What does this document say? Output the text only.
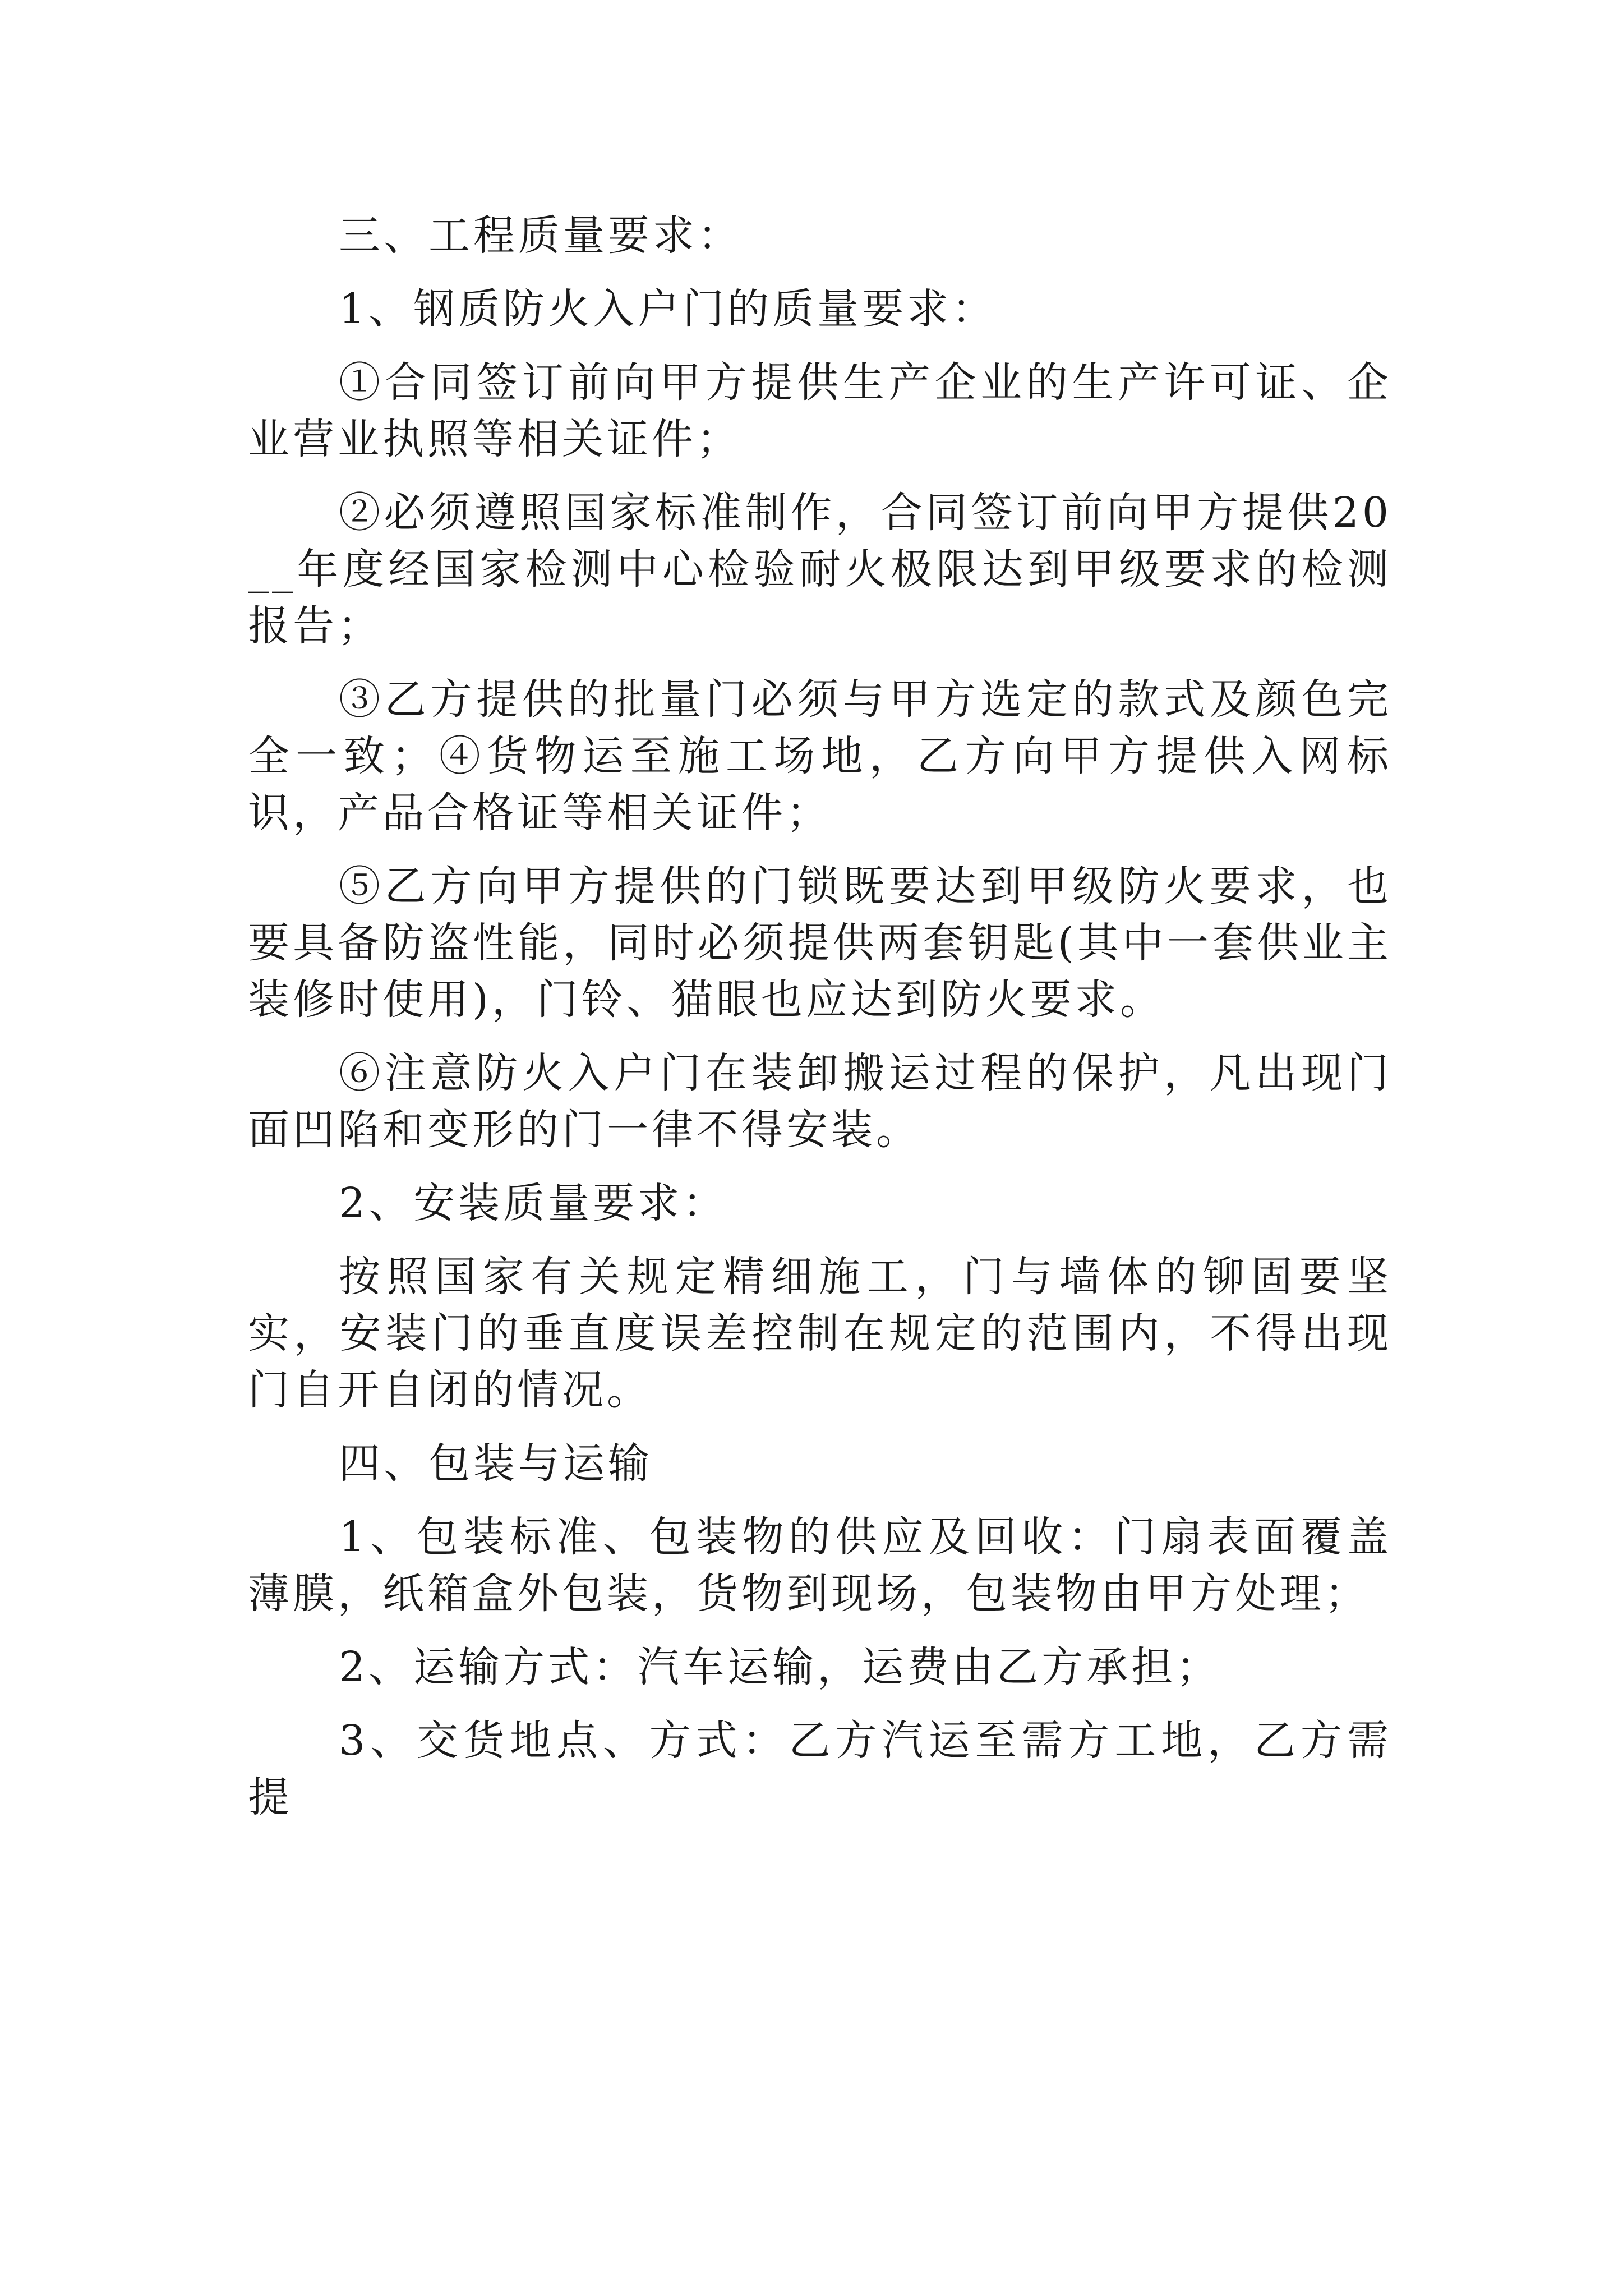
三、工程质量要求：

1、钢质防火入户门的质量要求：

①合同签订前向甲方提供生产企业的生产许可证、企业营业执照等相关证件；

②必须遵照国家标准制作，合同签订前向甲方提供20__年度经国家检测中心检验耐火极限达到甲级要求的检测报告；

③乙方提供的批量门必须与甲方选定的款式及颜色完全一致；④货物运至施工场地，乙方向甲方提供入网标识，产品合格证等相关证件；

⑤乙方向甲方提供的门锁既要达到甲级防火要求，也要具备防盗性能，同时必须提供两套钥匙(其中一套供业主装修时使用)，门铃、猫眼也应达到防火要求。

⑥注意防火入户门在装卸搬运过程的保护，凡出现门面凹陷和变形的门一律不得安装。

2、安装质量要求：

按照国家有关规定精细施工，门与墙体的铆固要坚实，安装门的垂直度误差控制在规定的范围内，不得出现门自开自闭的情况。

四、包装与运输

1、包装标准、包装物的供应及回收：门扇表面覆盖薄膜，纸箱盒外包装，货物到现场，包装物由甲方处理；

2、运输方式：汽车运输，运费由乙方承担；

3、交货地点、方式：乙方汽运至需方工地，乙方需提
